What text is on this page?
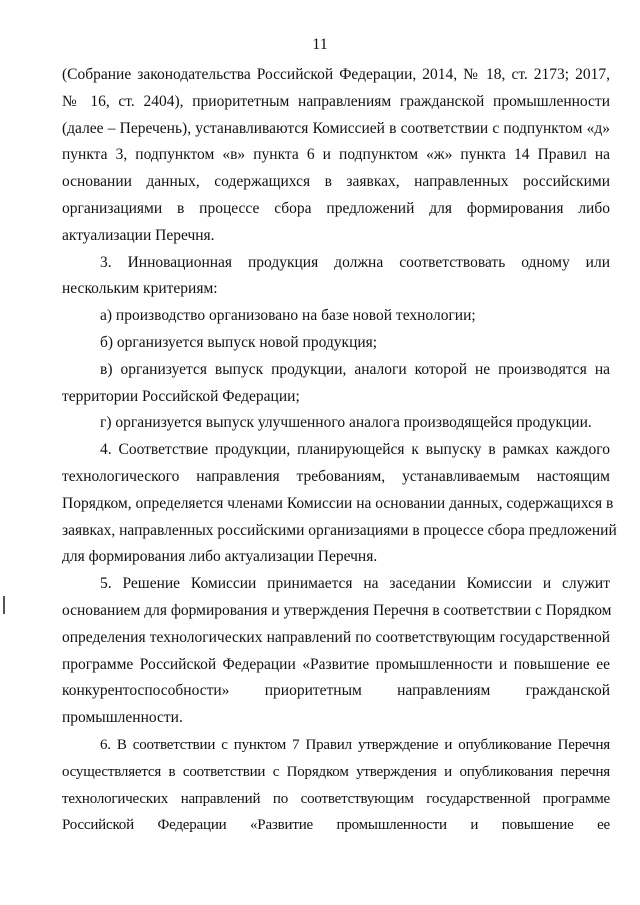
11
(Собрание законодательства Российской Федерации, 2014, № 18, ст. 2173; 2017,
№ 16, ст. 2404), приоритетным направлениям гражданской промышленности
(далее – Перечень), устанавливаются Комиссией в соответствии с подпунктом «д»
пункта 3, подпунктом «в» пункта 6 и подпунктом «ж» пункта 14 Правил на
основании данных, содержащихся в заявках, направленных российскими
организациями в процессе сбора предложений для формирования либо
актуализации Перечня.
3. Инновационная продукция должна соответствовать одному или
нескольким критериям:
а) производство организовано на базе новой технологии;
б) организуется выпуск новой продукция;
в) организуется выпуск продукции, аналоги которой не производятся на
территории Российской Федерации;
г) организуется выпуск улучшенного аналога производящейся продукции.
4. Соответствие продукции, планирующейся к выпуску в рамках каждого
технологического направления требованиям, устанавливаемым настоящим
Порядком, определяется членами Комиссии на основании данных, содержащихся в
заявках, направленных российскими организациями в процессе сбора предложений
для формирования либо актуализации Перечня.
5. Решение Комиссии принимается на заседании Комиссии и служит
основанием для формирования и утверждения Перечня в соответствии с Порядком
определения технологических направлений по соответствующим государственной
программе Российской Федерации «Развитие промышленности и повышение ее
конкурентоспособности» приоритетным направлениям гражданской
промышленности.
6. В соответствии с пунктом 7 Правил утверждение и опубликование Перечня
осуществляется в соответствии с Порядком утверждения и опубликования перечня
технологических направлений по соответствующим государственной программе
Российской Федерации «Развитие промышленности и повышение ее
